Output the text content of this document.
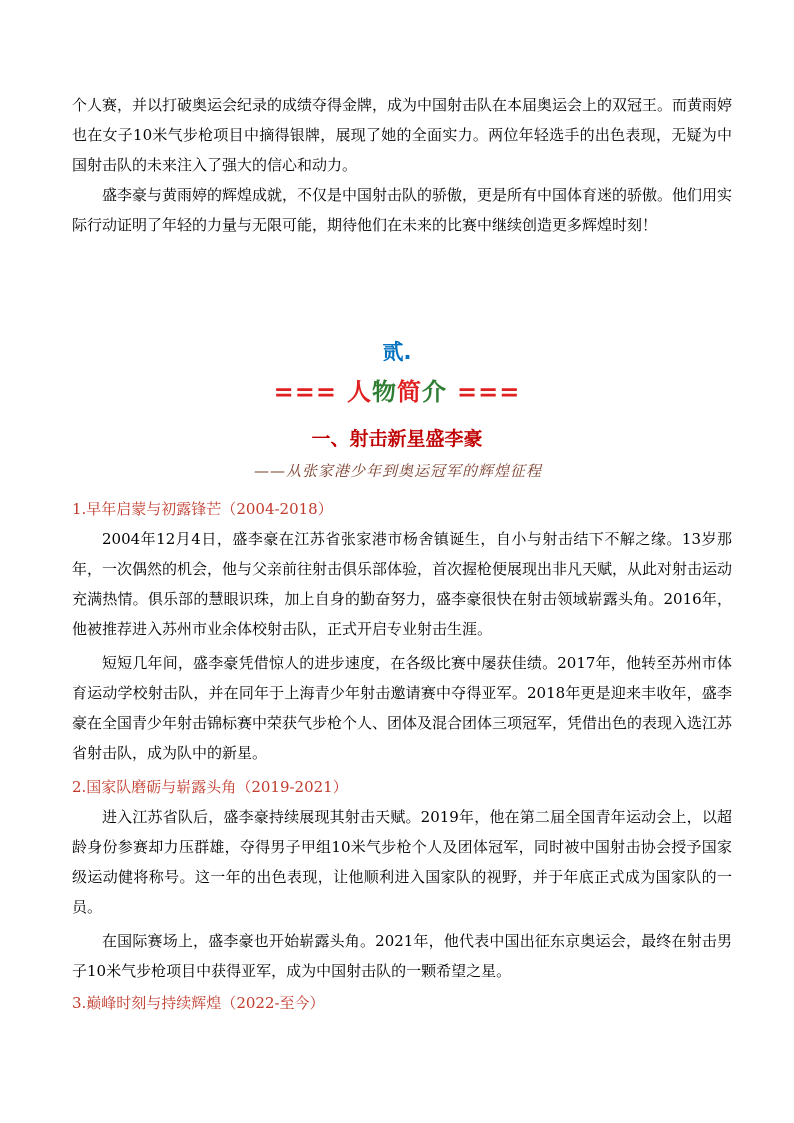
个人赛，并以打破奥运会纪录的成绩夺得金牌，成为中国射击队在本届奥运会上的双冠王。而黄雨婷也在女子10米气步枪项目中摘得银牌，展现了她的全面实力。两位年轻选手的出色表现，无疑为中国射击队的未来注入了强大的信心和动力。

盛李豪与黄雨婷的辉煌成就，不仅是中国射击队的骄傲，更是所有中国体育迷的骄傲。他们用实际行动证明了年轻的力量与无限可能，期待他们在未来的比赛中继续创造更多辉煌时刻！

贰.
=== 人物简介 ===
一、射击新星盛李豪
——从张家港少年到奥运冠军的辉煌征程
1.早年启蒙与初露锋芒（2004-2018）

2004年12月4日，盛李豪在江苏省张家港市杨舍镇诞生，自小与射击结下不解之缘。13岁那年，一次偶然的机会，他与父亲前往射击俱乐部体验，首次握枪便展现出非凡天赋，从此对射击运动充满热情。俱乐部的慧眼识珠，加上自身的勤奋努力，盛李豪很快在射击领域崭露头角。2016年，他被推荐进入苏州市业余体校射击队，正式开启专业射击生涯。

短短几年间，盛李豪凭借惊人的进步速度，在各级比赛中屡获佳绩。2017年，他转至苏州市体育运动学校射击队，并在同年于上海青少年射击邀请赛中夺得亚军。2018年更是迎来丰收年，盛李豪在全国青少年射击锦标赛中荣获气步枪个人、团体及混合团体三项冠军，凭借出色的表现入选江苏省射击队，成为队中的新星。

2.国家队磨砺与崭露头角（2019-2021）

进入江苏省队后，盛李豪持续展现其射击天赋。2019年，他在第二届全国青年运动会上，以超龄身份参赛却力压群雄，夺得男子甲组10米气步枪个人及团体冠军，同时被中国射击协会授予国家级运动健将称号。这一年的出色表现，让他顺利进入国家队的视野，并于年底正式成为国家队的一员。

在国际赛场上，盛李豪也开始崭露头角。2021年，他代表中国出征东京奥运会，最终在射击男子10米气步枪项目中获得亚军，成为中国射击队的一颗希望之星。

3.巅峰时刻与持续辉煌（2022-至今）
